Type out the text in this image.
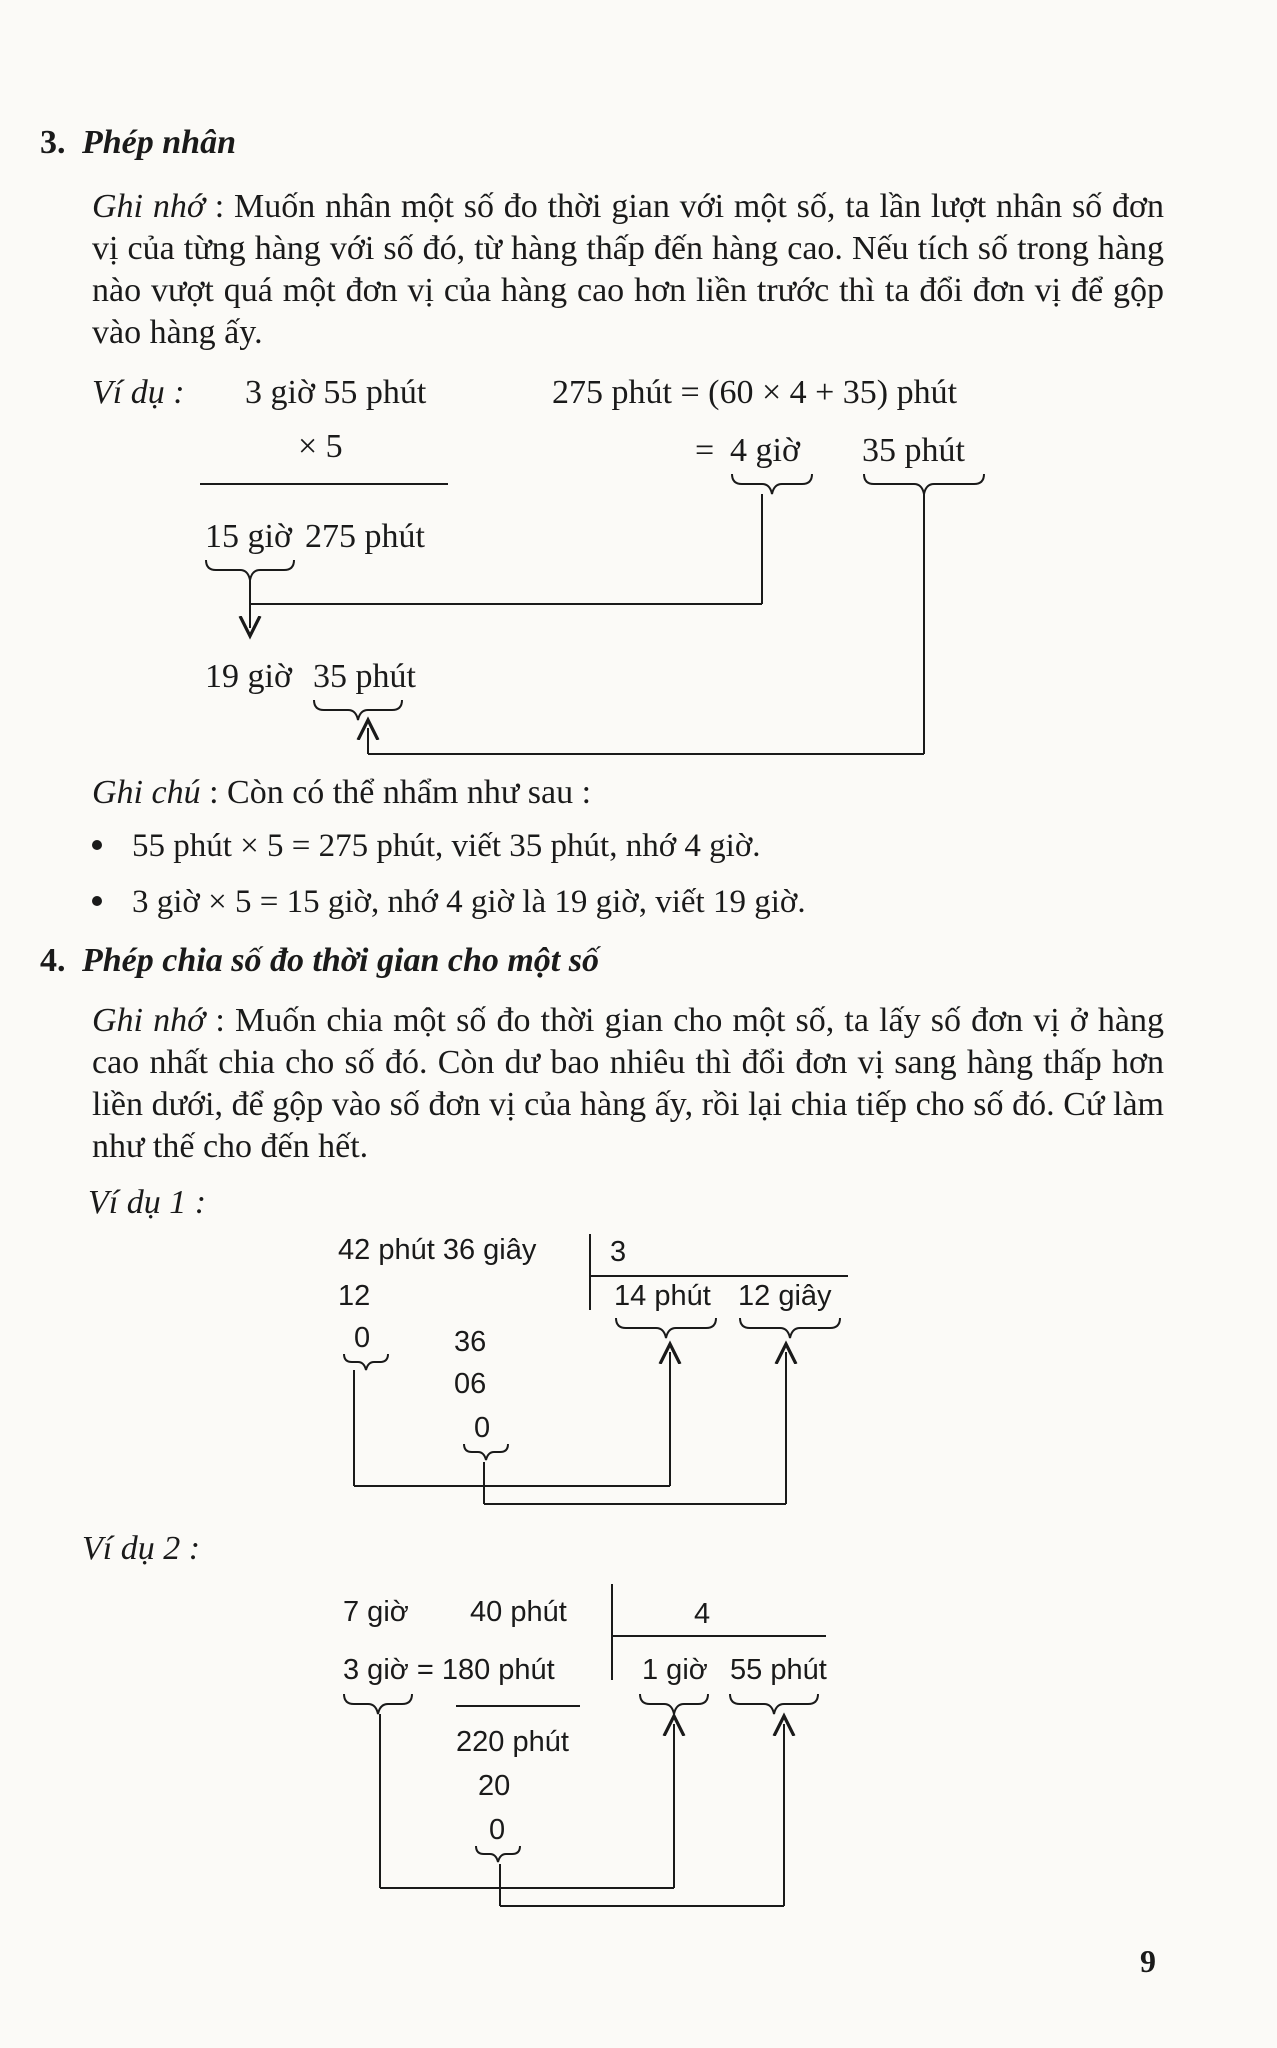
3. Phép nhân
Ghi nhớ : Muốn nhân một số đo thời gian với một số, ta lần lượt nhân số đơn vị của từng hàng với số đó, từ hàng thấp đến hàng cao. Nếu tích số trong hàng nào vượt quá một đơn vị của hàng cao hơn liền trước thì ta đổi đơn vị để gộp vào hàng ấy.
Ví dụ : 3 giờ 55 phút
× 5
275 phút = (60 × 4 + 35) phút
= 4 giờ 35 phút
15 giờ 275 phút
19 giờ 35 phút
Ghi chú : Còn có thể nhẩm như sau :
55 phút × 5 = 275 phút, viết 35 phút, nhớ 4 giờ.
3 giờ × 5 = 15 giờ, nhớ 4 giờ là 19 giờ, viết 19 giờ.
4. Phép chia số đo thời gian cho một số
Ghi nhớ : Muốn chia một số đo thời gian cho một số, ta lấy số đơn vị ở hàng cao nhất chia cho số đó. Còn dư bao nhiêu thì đổi đơn vị sang hàng thấp hơn liền dưới, để gộp vào số đơn vị của hàng ấy, rồi lại chia tiếp cho số đó. Cứ làm như thế cho đến hết.
Ví dụ 1 :
42 phút 36 giây	3
12	14 phút 12 giây
0	36
06
0
Ví dụ 2 :
7 giờ 40 phút	4
3 giờ = 180 phút	1 giờ 55 phút
220 phút
20
0
9
